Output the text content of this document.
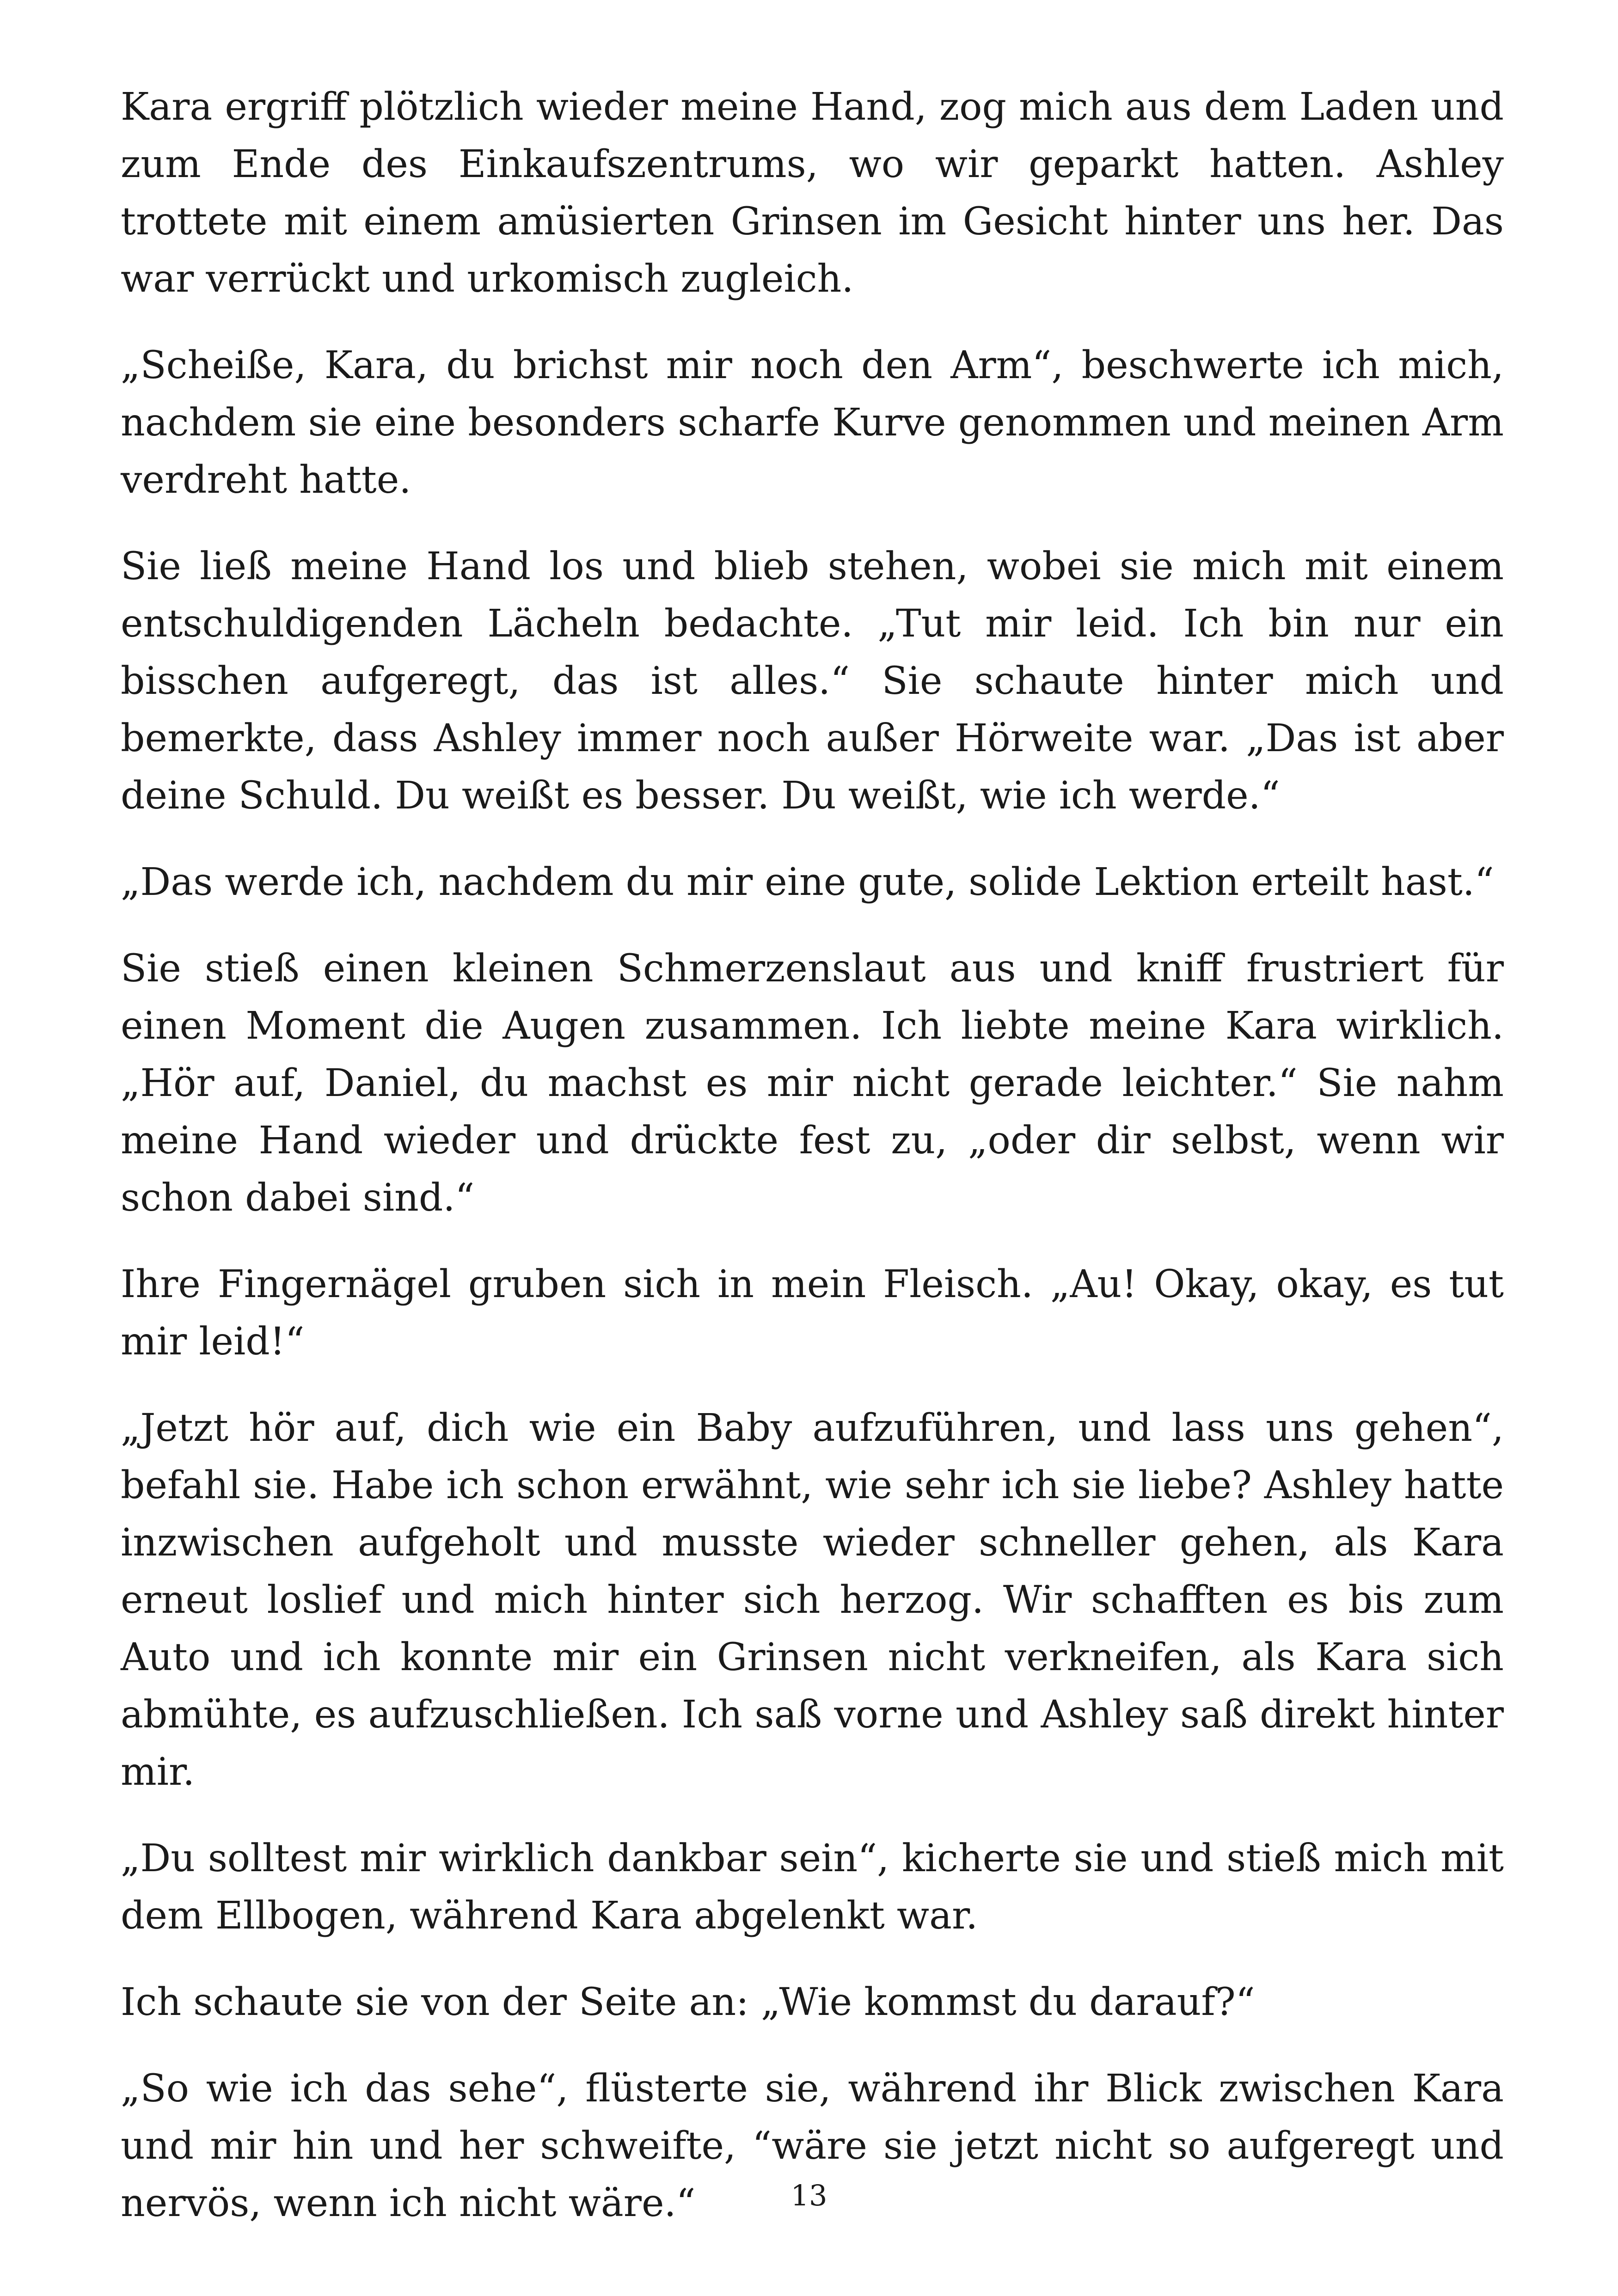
Kara ergriff plötzlich wieder meine Hand, zog mich aus dem Laden und zum Ende des Einkaufszentrums, wo wir geparkt hatten. Ashley trottete mit einem amüsierten Grinsen im Gesicht hinter uns her. Das war verrückt und urkomisch zugleich.

„Scheiße, Kara, du brichst mir noch den Arm“, beschwerte ich mich, nachdem sie eine besonders scharfe Kurve genommen und meinen Arm verdreht hatte.

Sie ließ meine Hand los und blieb stehen, wobei sie mich mit einem entschuldigenden Lächeln bedachte. „Tut mir leid. Ich bin nur ein bisschen aufgeregt, das ist alles.“ Sie schaute hinter mich und bemerkte, dass Ashley immer noch außer Hörweite war. „Das ist aber deine Schuld. Du weißt es besser. Du weißt, wie ich werde.“

„Das werde ich, nachdem du mir eine gute, solide Lektion erteilt hast.“

Sie stieß einen kleinen Schmerzenslaut aus und kniff frustriert für einen Moment die Augen zusammen. Ich liebte meine Kara wirklich. „Hör auf, Daniel, du machst es mir nicht gerade leichter.“ Sie nahm meine Hand wieder und drückte fest zu, „oder dir selbst, wenn wir schon dabei sind.“

Ihre Fingernägel gruben sich in mein Fleisch. „Au! Okay, okay, es tut mir leid!“

„Jetzt hör auf, dich wie ein Baby aufzuführen, und lass uns gehen“, befahl sie. Habe ich schon erwähnt, wie sehr ich sie liebe? Ashley hatte inzwischen aufgeholt und musste wieder schneller gehen, als Kara erneut loslief und mich hinter sich herzog. Wir schafften es bis zum Auto und ich konnte mir ein Grinsen nicht verkneifen, als Kara sich abmühte, es aufzuschließen. Ich saß vorne und Ashley saß direkt hinter mir.

„Du solltest mir wirklich dankbar sein“, kicherte sie und stieß mich mit dem Ellbogen, während Kara abgelenkt war.

Ich schaute sie von der Seite an: „Wie kommst du darauf?“

„So wie ich das sehe“, flüsterte sie, während ihr Blick zwischen Kara und mir hin und her schweifte, “wäre sie jetzt nicht so aufgeregt und nervös, wenn ich nicht wäre.“	13
